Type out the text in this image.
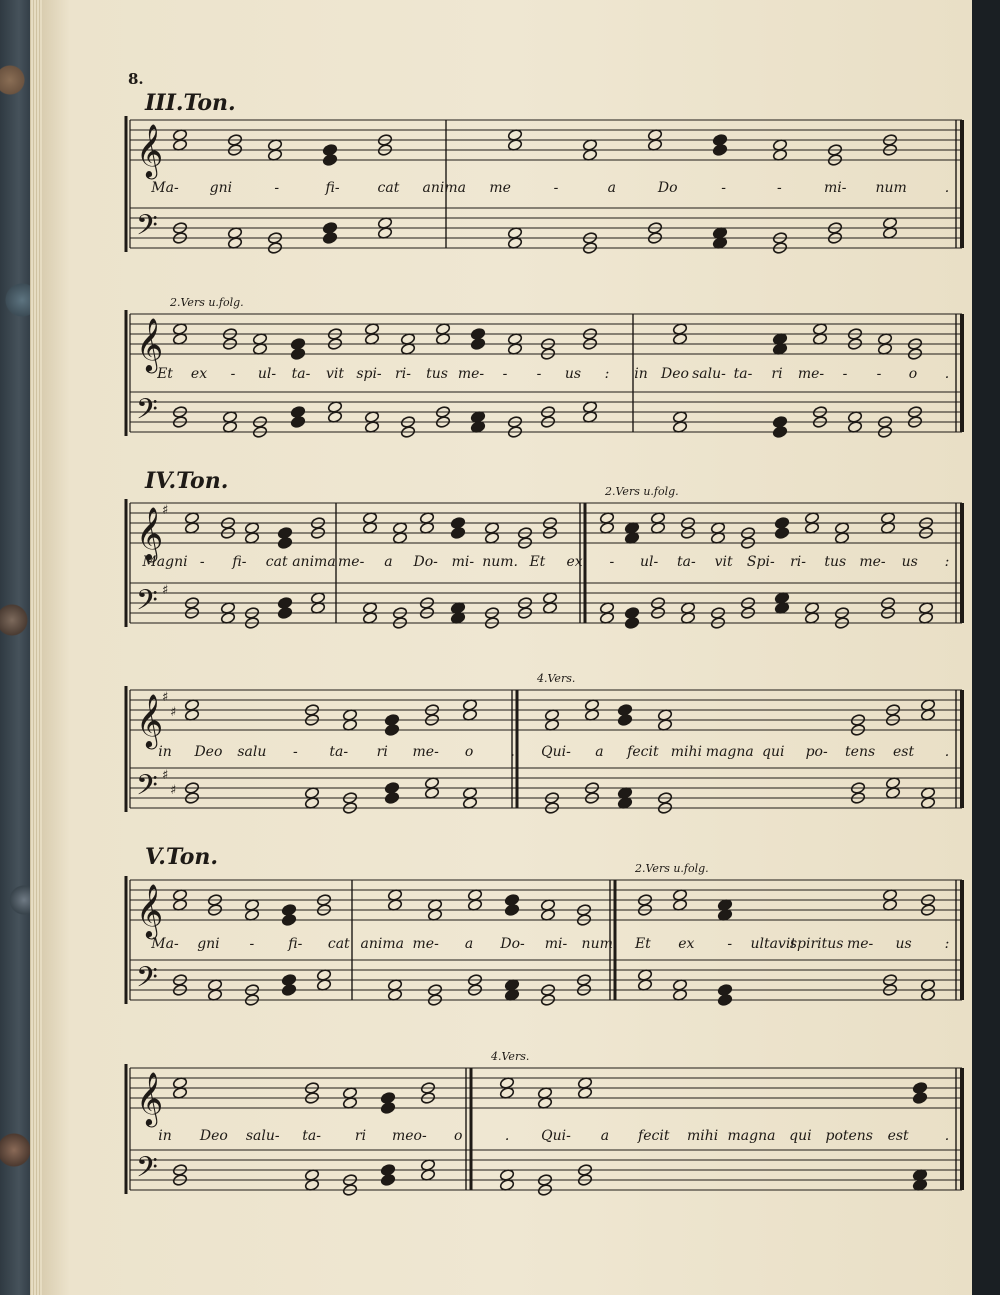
8.
III.Ton.
IV.Ton.
V.Ton.
𝄞
𝄢
Ma- gni	-	fi-	cat anima me	-	a	Do	-	-	mi- num	.
𝄞
𝄢
2.Vers u.folg.
Et ex - ul- ta- vit spi- ri- tus me- - - us : in Deo salu- ta- ri me- - - o .
𝄞
♯
𝄢 ♯
2.Vers u.folg.
Magni - fi- cat anima me- a Do- mi- num. Et ex - ul- ta- vit Spi- ri- tus me- us :
𝄞
♯
♯
𝄢 ♯
♯
4.Vers.
in Deo salu - ta- ri me- o	. Qui- a fecit mihi magna qui po- tens est .
𝄞
𝄢
2.Vers u.folg.
Ma- gni - fi- cat anima me- a Do- mi- num. Et ex - ultavit
spiritus me- us :
𝄞
𝄢
4.Vers.
in Deo salu- ta- ri meo- o	. Qui- a fecit mihi magna qui potens est	.
